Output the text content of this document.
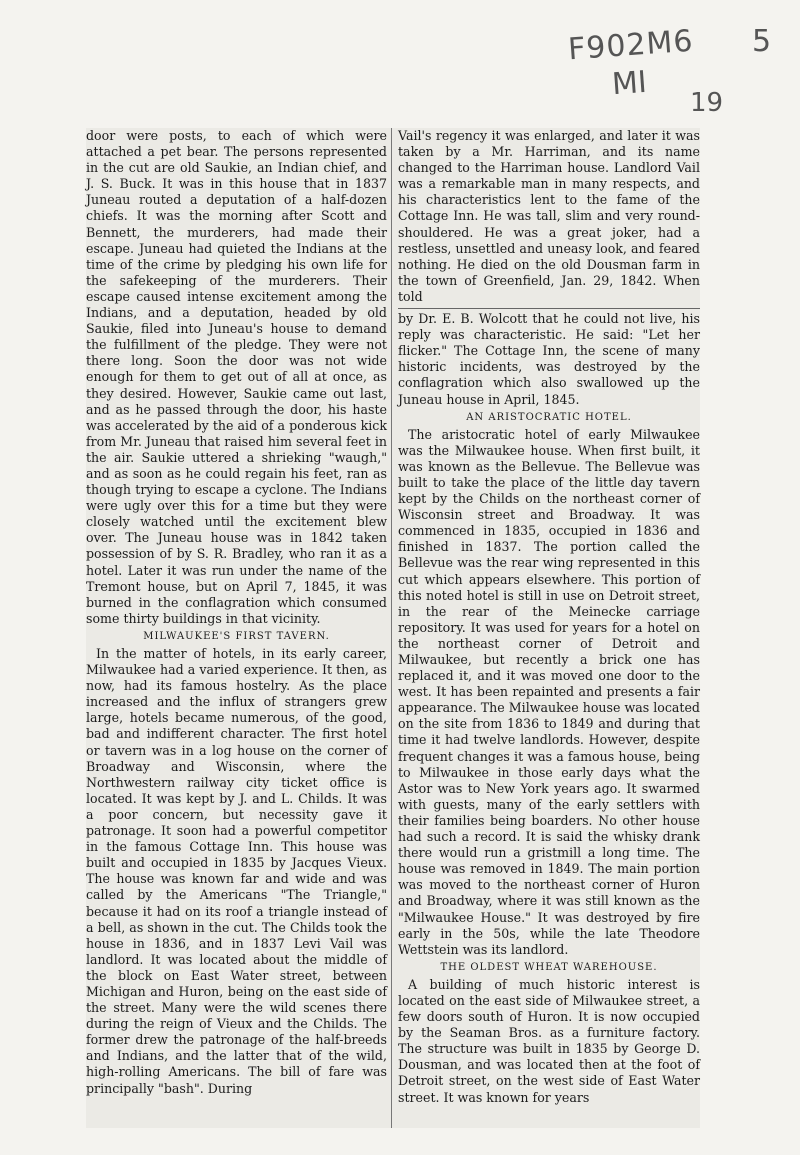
F902M6
MI
5
19

door were posts, to each of which were attached a pet bear. The persons represented in the cut are old Saukie, an Indian chief, and J. S. Buck. It was in this house that in 1837 Juneau routed a deputation of a half-dozen chiefs. It was the morning after Scott and Bennett, the murderers, had made their escape. Juneau had quieted the Indians at the time of the crime by pledging his own life for the safekeeping of the murderers. Their escape caused intense excitement among the Indians, and a deputation, headed by old Saukie, filed into Juneau's house to demand the fulfillment of the pledge. They were not there long. Soon the door was not wide enough for them to get out of all at once, as they desired. However, Saukie came out last, and as he passed through the door, his haste was accelerated by the aid of a ponderous kick from Mr. Juneau that raised him several feet in the air. Saukie uttered a shrieking "waugh," and as soon as he could regain his feet, ran as though trying to escape a cyclone. The Indians were ugly over this for a time but they were closely watched until the excitement blew over. The Juneau house was in 1842 taken possession of by S. R. Bradley, who ran it as a hotel. Later it was run under the name of the Tremont house, but on April 7, 1845, it was burned in the conflagration which consumed some thirty buildings in that vicinity.

MILWAUKEE'S FIRST TAVERN.

In the matter of hotels, in its early career, Milwaukee had a varied experience. It then, as now, had its famous hostelry. As the place increased and the influx of strangers grew large, hotels became numerous, of the good, bad and indifferent character. The first hotel or tavern was in a log house on the corner of Broadway and Wisconsin, where the Northwestern railway city ticket office is located. It was kept by J. and L. Childs. It was a poor concern, but necessity gave it patronage. It soon had a powerful competitor in the famous Cottage Inn. This house was built and occupied in 1835 by Jacques Vieux. The house was known far and wide and was called by the Americans "The Triangle," because it had on its roof a triangle instead of a bell, as shown in the cut. The Childs took the house in 1836, and in 1837 Levi Vail was landlord. It was located about the middle of the block on East Water street, between Michigan and Huron, being on the east side of the street. Many were the wild scenes there during the reign of Vieux and the Childs. The former drew the patronage of the half-breeds and Indians, and the latter that of the wild, high-rolling Americans. The bill of fare was principally "bash". During

Vail's regency it was enlarged, and later it was taken by a Mr. Harriman, and its name changed to the Harriman house. Landlord Vail was a remarkable man in many respects, and his characteristics lent to the fame of the Cottage Inn. He was tall, slim and very round-shouldered. He was a great joker, had a restless, unsettled and uneasy look, and feared nothing. He died on the old Dousman farm in the town of Greenfield, Jan. 29, 1842. When told

by Dr. E. B. Wolcott that he could not live, his reply was characteristic. He said: "Let her flicker." The Cottage Inn, the scene of many historic incidents, was destroyed by the conflagration which also swallowed up the Juneau house in April, 1845.

AN ARISTOCRATIC HOTEL.

The aristocratic hotel of early Milwaukee was the Milwaukee house. When first built, it was known as the Bellevue. The Bellevue was built to take the place of the little day tavern kept by the Childs on the northeast corner of Wisconsin street and Broadway. It was commenced in 1835, occupied in 1836 and finished in 1837. The portion called the Bellevue was the rear wing represented in this cut which appears elsewhere. This portion of this noted hotel is still in use on Detroit street, in the rear of the Meinecke carriage repository. It was used for years for a hotel on the northeast corner of Detroit and Milwaukee, but recently a brick one has replaced it, and it was moved one door to the west. It has been repainted and presents a fair appearance. The Milwaukee house was located on the site from 1836 to 1849 and during that time it had twelve landlords. However, despite frequent changes it was a famous house, being to Milwaukee in those early days what the Astor was to New York years ago. It swarmed with guests, many of the early settlers with their families being boarders. No other house had such a record. It is said the whisky drank there would run a gristmill a long time. The house was removed in 1849. The main portion was moved to the northeast corner of Huron and Broadway, where it was still known as the "Milwaukee House." It was destroyed by fire early in the 50s, while the late Theodore Wettstein was its landlord.

THE OLDEST WHEAT WAREHOUSE.

A building of much historic interest is located on the east side of Milwaukee street, a few doors south of Huron. It is now occupied by the Seaman Bros. as a furniture factory. The structure was built in 1835 by George D. Dousman, and was located then at the foot of Detroit street, on the west side of East Water street. It was known for years
